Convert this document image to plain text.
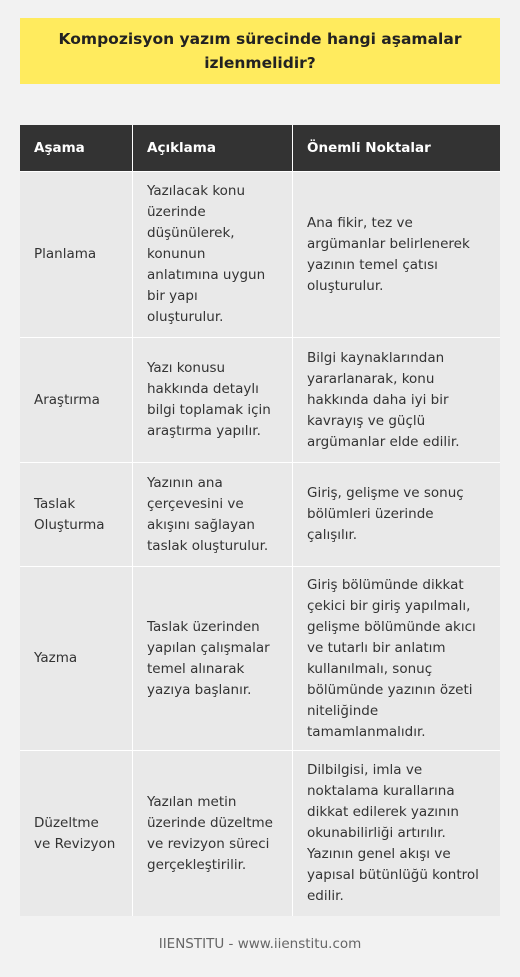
Kompozisyon yazım sürecinde hangi aşamalar izlenmelidir?
Aşama	Açıklama	Önemli Noktalar
Planlama	Yazılacak konu üzerinde düşünülerek, konunun anlatımına uygun bir yapı oluşturulur.	Ana fikir, tez ve argümanlar belirlenerek yazının temel çatısı oluşturulur.
Araştırma	Yazı konusu hakkında detaylı bilgi toplamak için araştırma yapılır.	Bilgi kaynaklarından yararlanarak, konu hakkında daha iyi bir kavrayış ve güçlü argümanlar elde edilir.
Taslak Oluşturma	Yazının ana çerçevesini ve akışını sağlayan taslak oluşturulur.	Giriş, gelişme ve sonuç bölümleri üzerinde çalışılır.
Yazma	Taslak üzerinden yapılan çalışmalar temel alınarak yazıya başlanır.	Giriş bölümünde dikkat çekici bir giriş yapılmalı, gelişme bölümünde akıcı ve tutarlı bir anlatım kullanılmalı, sonuç bölümünde yazının özeti niteliğinde tamamlanmalıdır.
Düzeltme ve Revizyon	Yazılan metin üzerinde düzeltme ve revizyon süreci gerçekleştirilir.	Dilbilgisi, imla ve noktalama kurallarına dikkat edilerek yazının okunabilirliği artırılır. Yazının genel akışı ve yapısal bütünlüğü kontrol edilir.
IIENSTITU - www.iienstitu.com
